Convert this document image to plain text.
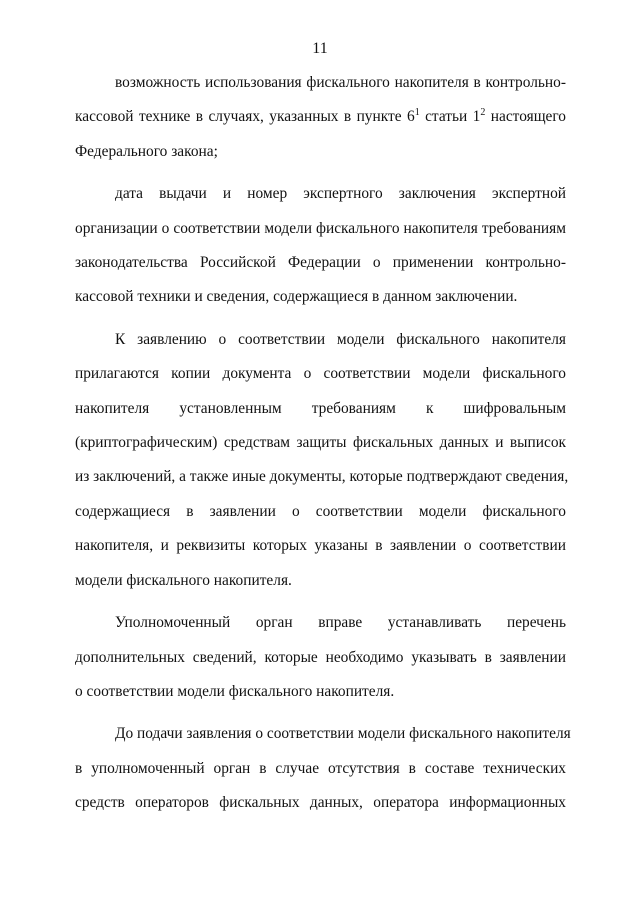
11
возможность использования фискального накопителя в контрольно-
кассовой технике в случаях, указанных в пункте $6^1$ статьи $1^2$ настоящего
Федерального закона;
дата выдачи и номер экспертного заключения экспертной
организации о соответствии модели фискального накопителя требованиям
законодательства Российской Федерации о применении контрольно-
кассовой техники и сведения, содержащиеся в данном заключении.
К заявлению о соответствии модели фискального накопителя
прилагаются копии документа о соответствии модели фискального
накопителя установленным требованиям к шифровальным
(криптографическим) средствам защиты фискальных данных и выписок
из заключений, а также иные документы, которые подтверждают сведения,
содержащиеся в заявлении о соответствии модели фискального
накопителя, и реквизиты которых указаны в заявлении о соответствии
модели фискального накопителя.
Уполномоченный орган вправе устанавливать перечень
дополнительных сведений, которые необходимо указывать в заявлении
о соответствии модели фискального накопителя.
До подачи заявления о соответствии модели фискального накопителя
в уполномоченный орган в случае отсутствия в составе технических
средств операторов фискальных данных, оператора информационных
